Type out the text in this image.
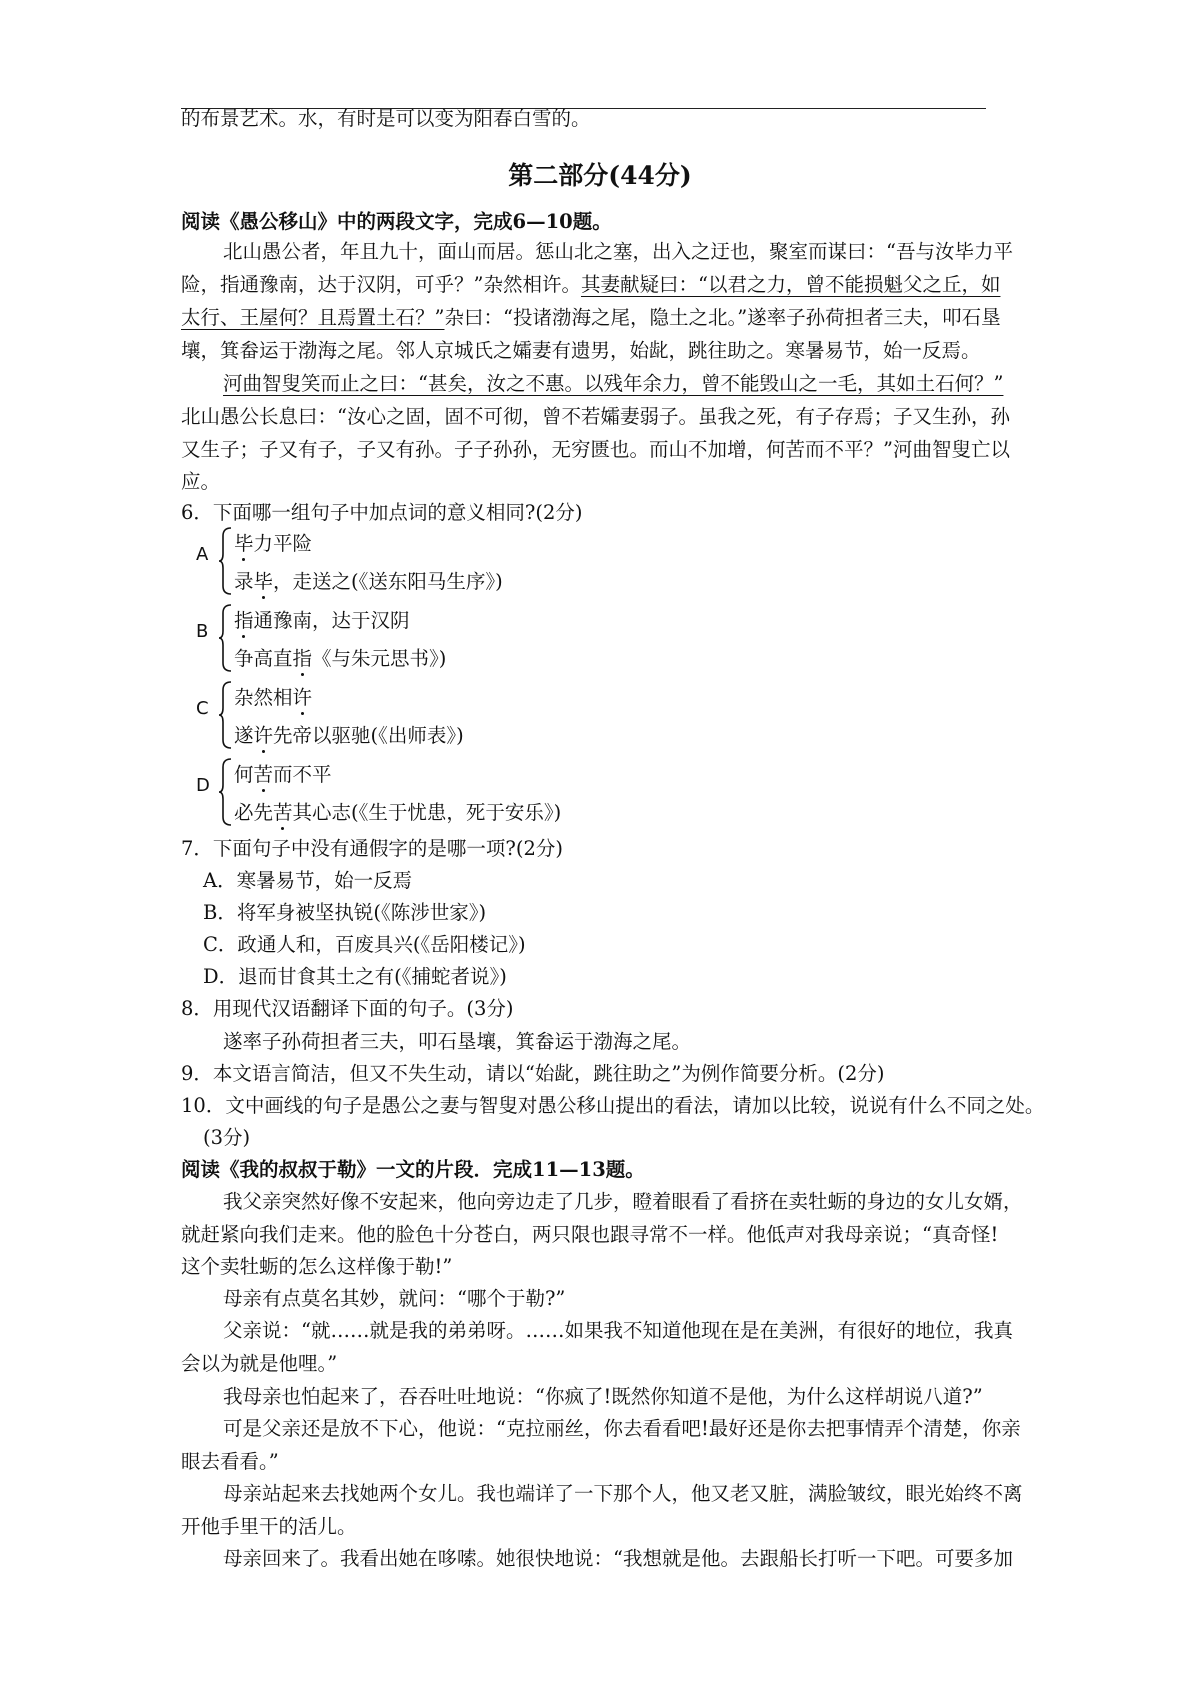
的布景艺术。水，有时是可以变为阳春白雪的。
第二部分(44分)
阅读《愚公移山》中的两段文字，完成6—10题。
北山愚公者，年且九十，面山而居。惩山北之塞，出入之迂也，聚室而谋曰：“吾与汝毕力平
险，指通豫南，达于汉阴，可乎？”杂然相许。其妻献疑曰：“以君之力，曾不能损魁父之丘，如
太行、王屋何？且焉置土石？”杂曰：“投诸渤海之尾，隐土之北。”遂率子孙荷担者三夫，叩石垦
壤，箕畚运于渤海之尾。邻人京城氏之孀妻有遗男，始龀，跳往助之。寒暑易节，始一反焉。
河曲智叟笑而止之曰：“甚矣，汝之不惠。以残年余力，曾不能毁山之一毛，其如土石何？”
北山愚公长息曰：“汝心之固，固不可彻，曾不若孀妻弱子。虽我之死，有子存焉；子又生孙，孙
又生子；子又有子，子又有孙。子子孙孙，无穷匮也。而山不加增，何苦而不平？”河曲智叟亡以
应。
6．下面哪一组句子中加点词的意义相同?(2分)
A 毕力平险
录毕，走送之(《送东阳马生序》)
B 指通豫南，达于汉阴
争高直指《与朱元思书》)
C 杂然相许
遂许先帝以驱驰(《出师表》)
D 何苦而不平
必先苦其心志(《生于忧患，死于安乐》)
7．下面句子中没有通假字的是哪一项?(2分)
A．寒暑易节，始一反焉
B．将军身被坚执锐(《陈涉世家》)
C．政通人和，百废具兴(《岳阳楼记》)
D．退而甘食其土之有(《捕蛇者说》)
8．用现代汉语翻译下面的句子。(3分)
遂率子孙荷担者三夫，叩石垦壤，箕畚运于渤海之尾。
9．本文语言简洁，但又不失生动，请以“始龀，跳往助之”为例作简要分析。(2分)
10．文中画线的句子是愚公之妻与智叟对愚公移山提出的看法，请加以比较，说说有什么不同之处。
(3分)
阅读《我的叔叔于勒》一文的片段．完成11—13题。
我父亲突然好像不安起来，他向旁边走了几步，瞪着眼看了看挤在卖牡蛎的身边的女儿女婿，
就赶紧向我们走来。他的脸色十分苍白，两只限也跟寻常不一样。他低声对我母亲说；“真奇怪!
这个卖牡蛎的怎么这样像于勒!”
母亲有点莫名其妙，就问：“哪个于勒?”
父亲说：“就……就是我的弟弟呀。……如果我不知道他现在是在美洲，有很好的地位，我真
会以为就是他哩。”
我母亲也怕起来了，吞吞吐吐地说：“你疯了!既然你知道不是他，为什么这样胡说八道?”
可是父亲还是放不下心，他说：“克拉丽丝，你去看看吧!最好还是你去把事情弄个清楚，你亲
眼去看看。”
母亲站起来去找她两个女儿。我也端详了一下那个人，他又老又脏，满脸皱纹，眼光始终不离
开他手里干的活儿。
母亲回来了。我看出她在哆嗦。她很快地说：“我想就是他。去跟船长打听一下吧。可要多加
